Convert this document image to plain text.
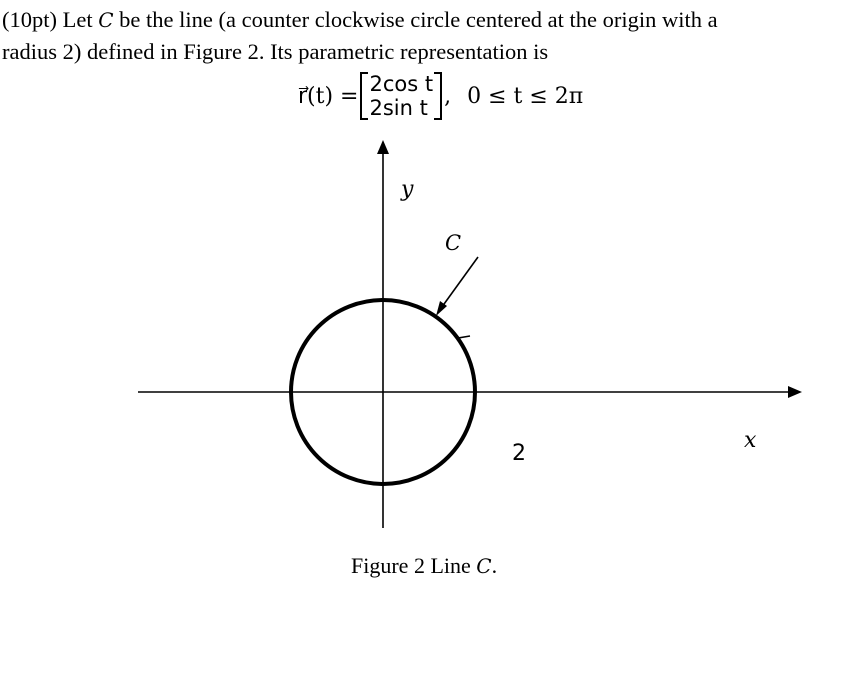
(10pt) Let C be the line (a counter clockwise circle centered at the origin with a
radius 2) defined in Figure 2. Its parametric representation is
r⃗(t) = 2cos t
2sin t , 0 ≤ t ≤ 2π
y
x
C
2
Figure 2 Line C.
